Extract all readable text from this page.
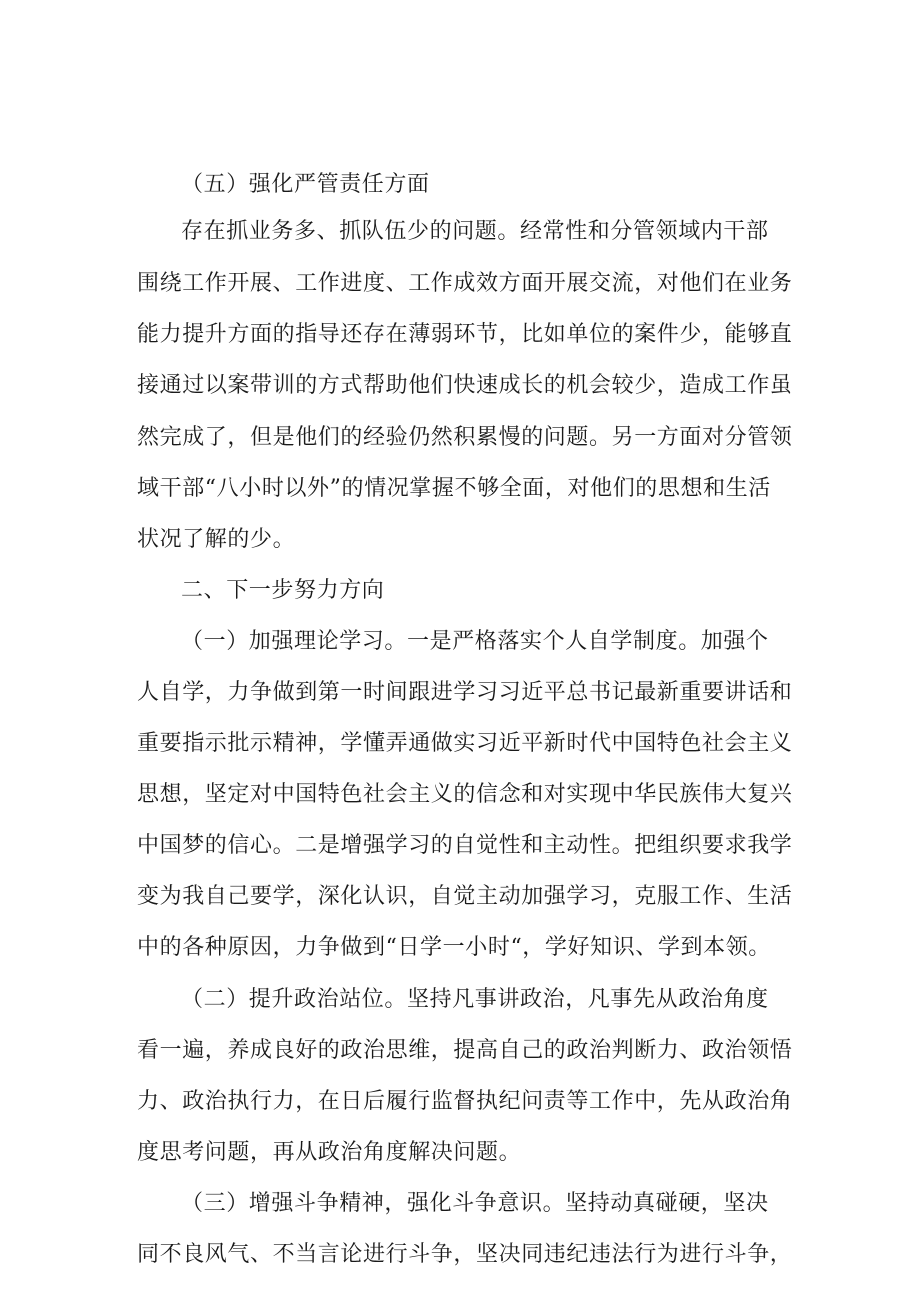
（五）强化严管责任方面
存在抓业务多、抓队伍少的问题。经常性和分管领域内干部
围绕工作开展、工作进度、工作成效方面开展交流，对他们在业务
能力提升方面的指导还存在薄弱环节，比如单位的案件少，能够直
接通过以案带训的方式帮助他们快速成长的机会较少，造成工作虽
然完成了，但是他们的经验仍然积累慢的问题。另一方面对分管领
域干部“八小时以外”的情况掌握不够全面，对他们的思想和生活
状况了解的少。
二、下一步努力方向
（一）加强理论学习。一是严格落实个人自学制度。加强个
人自学，力争做到第一时间跟进学习习近平总书记最新重要讲话和
重要指示批示精神，学懂弄通做实习近平新时代中国特色社会主义
思想，坚定对中国特色社会主义的信念和对实现中华民族伟大复兴
中国梦的信心。二是增强学习的自觉性和主动性。把组织要求我学
变为我自己要学，深化认识，自觉主动加强学习，克服工作、生活
中的各种原因，力争做到“日学一小时“，学好知识、学到本领。
（二）提升政治站位。坚持凡事讲政治，凡事先从政治角度
看一遍，养成良好的政治思维，提高自己的政治判断力、政治领悟
力、政治执行力，在日后履行监督执纪问责等工作中，先从政治角
度思考问题，再从政治角度解决问题。
（三）增强斗争精神，强化斗争意识。坚持动真碰硬，坚决
同不良风气、不当言论进行斗争，坚决同违纪违法行为进行斗争，
